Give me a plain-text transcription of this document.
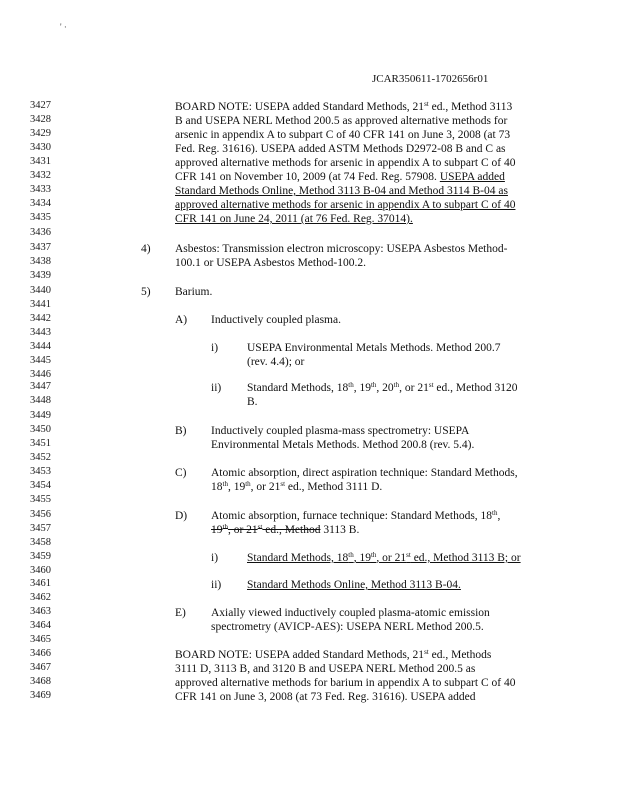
' ·
JCAR350611-1702656r01
3427
3428
3429
3430
3431
3432
3433
3434
3435
3436
3437
3438
3439
3440
3441
3442
3443
3444
3445
3446
3447
3448
3449
3450
3451
3452
3453
3454
3455
3456
3457
3458
3459
3460
3461
3462
3463
3464
3465
3466
3467
3468
3469
BOARD NOTE: USEPA added Standard Methods, 21st ed., Method 3113
B and USEPA NERL Method 200.5 as approved alternative methods for
arsenic in appendix A to subpart C of 40 CFR 141 on June 3, 2008 (at 73
Fed. Reg. 31616). USEPA added ASTM Methods D2972-08 B and C as
approved alternative methods for arsenic in appendix A to subpart C of 40
CFR 141 on November 10, 2009 (at 74 Fed. Reg. 57908. USEPA added
Standard Methods Online, Method 3113 B-04 and Method 3114 B-04 as
approved alternative methods for arsenic in appendix A to subpart C of 40
CFR 141 on June 24, 2011 (at 76 Fed. Reg. 37014).
4) Asbestos: Transmission electron microscopy: USEPA Asbestos Method-
100.1 or USEPA Asbestos Method-100.2.
5) Barium.
A) Inductively coupled plasma.
i)	USEPA Environmental Metals Methods. Method 200.7
(rev. 4.4); or
ii) Standard Methods, 18th, 19th, 20th, or 21st ed., Method 3120
B.
B) Inductively coupled plasma-mass spectrometry: USEPA
Environmental Metals Methods. Method 200.8 (rev. 5.4).
C) Atomic absorption, direct aspiration technique: Standard Methods,
18th, 19th, or 21st ed., Method 3111 D.
D) Atomic absorption, furnace technique: Standard Methods, 18th,
19th, or 21st ed., Method 3113 B.
i)	Standard Methods, 18th, 19th, or 21st ed., Method 3113 B; or
ii) Standard Methods Online, Method 3113 B-04.
E) Axially viewed inductively coupled plasma-atomic emission
spectrometry (AVICP-AES): USEPA NERL Method 200.5.
BOARD NOTE: USEPA added Standard Methods, 21st ed., Methods
3111 D, 3113 B, and 3120 B and USEPA NERL Method 200.5 as
approved alternative methods for barium in appendix A to subpart C of 40
CFR 141 on June 3, 2008 (at 73 Fed. Reg. 31616). USEPA added
